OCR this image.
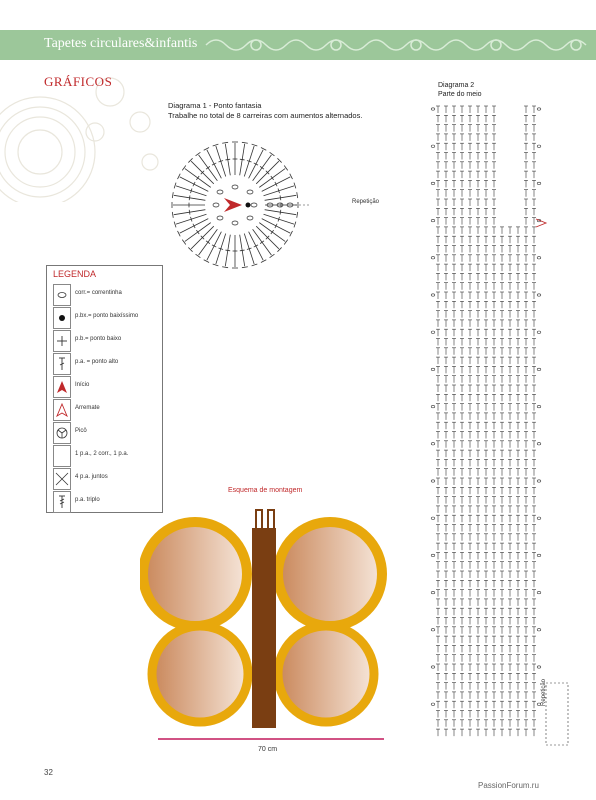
Tapetes circulares&infantis
GRÁFICOS
Diagrama 1 - Ponto fantasia
Trabalhe no total de 8 carreiras com aumentos alternados.
Repetição
LEGENDA
corr.= correntinha
p.bx.= ponto baixíssimo
p.b.= ponto baixo
p.a. = ponto alto
Início
Arremate
Picô
1 p.a., 2 corr., 1 p.a.
4 p.a. juntos
p.a. triplo
Esquema de montagem
70 cm
Diagrama 2
Parte do meio
Repetição
32
PassionForum.ru
